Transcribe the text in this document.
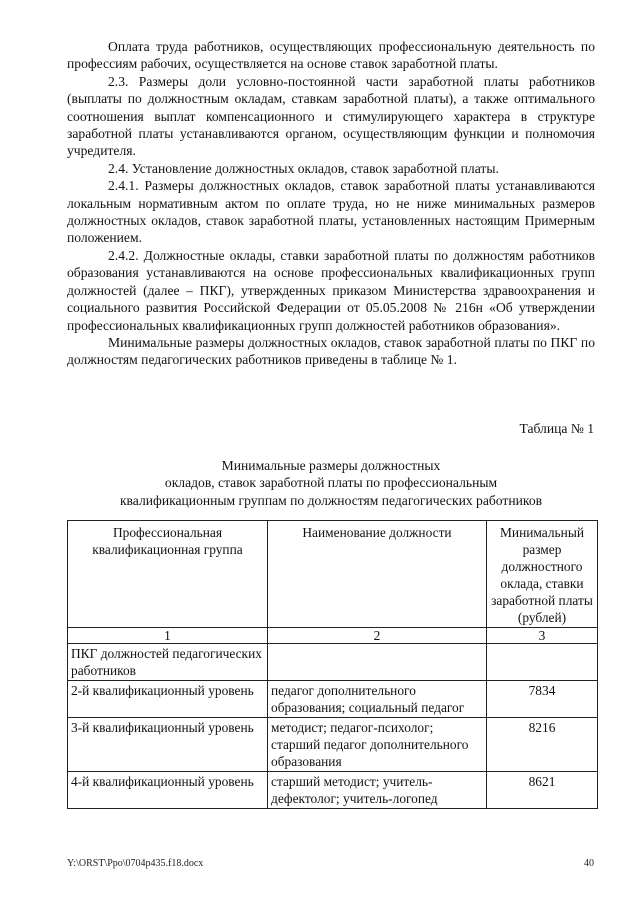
Оплата труда работников, осуществляющих профессиональную деятельность по профессиям рабочих, осуществляется на основе ставок заработной платы.

2.3. Размеры доли условно-постоянной части заработной платы работников (выплаты по должностным окладам, ставкам заработной платы), а также оптимального соотношения выплат компенсационного и стимулирующего характера в структуре заработной платы устанавливаются органом, осуществляющим функции и полномочия учредителя.

2.4. Установление должностных окладов, ставок заработной платы.

2.4.1. Размеры должностных окладов, ставок заработной платы устанавливаются локальным нормативным актом по оплате труда, но не ниже минимальных размеров должностных окладов, ставок заработной платы, установленных настоящим Примерным положением.

2.4.2. Должностные оклады, ставки заработной платы по должностям работников образования устанавливаются на основе профессиональных квалификационных групп должностей (далее – ПКГ), утвержденных приказом Министерства здравоохранения и социального развития Российской Федерации от 05.05.2008 № 216н «Об утверждении профессиональных квалификационных групп должностей работников образования».

Минимальные размеры должностных окладов, ставок заработной платы по ПКГ по должностям педагогических работников приведены в таблице № 1.

Таблица № 1
Минимальные размеры должностных
окладов, ставок заработной платы по профессиональным
квалификационным группам по должностям педагогических работников
Профессиональная квалификационная группа	Наименование должности	Минимальный размер должностного оклада, ставки заработной платы (рублей)
1	2	3
ПКГ должностей педагогических работников		
2-й квалификационный уровень	педагог дополнительного образования; социальный педагог	7834
3-й квалификационный уровень	методист; педагог-психолог; старший педагог дополнительного образования	8216
4-й квалификационный уровень	старший методист; учитель-дефектолог; учитель-логопед	8621
Y:\ORST\Ppo\0704p435.f18.docx	40
